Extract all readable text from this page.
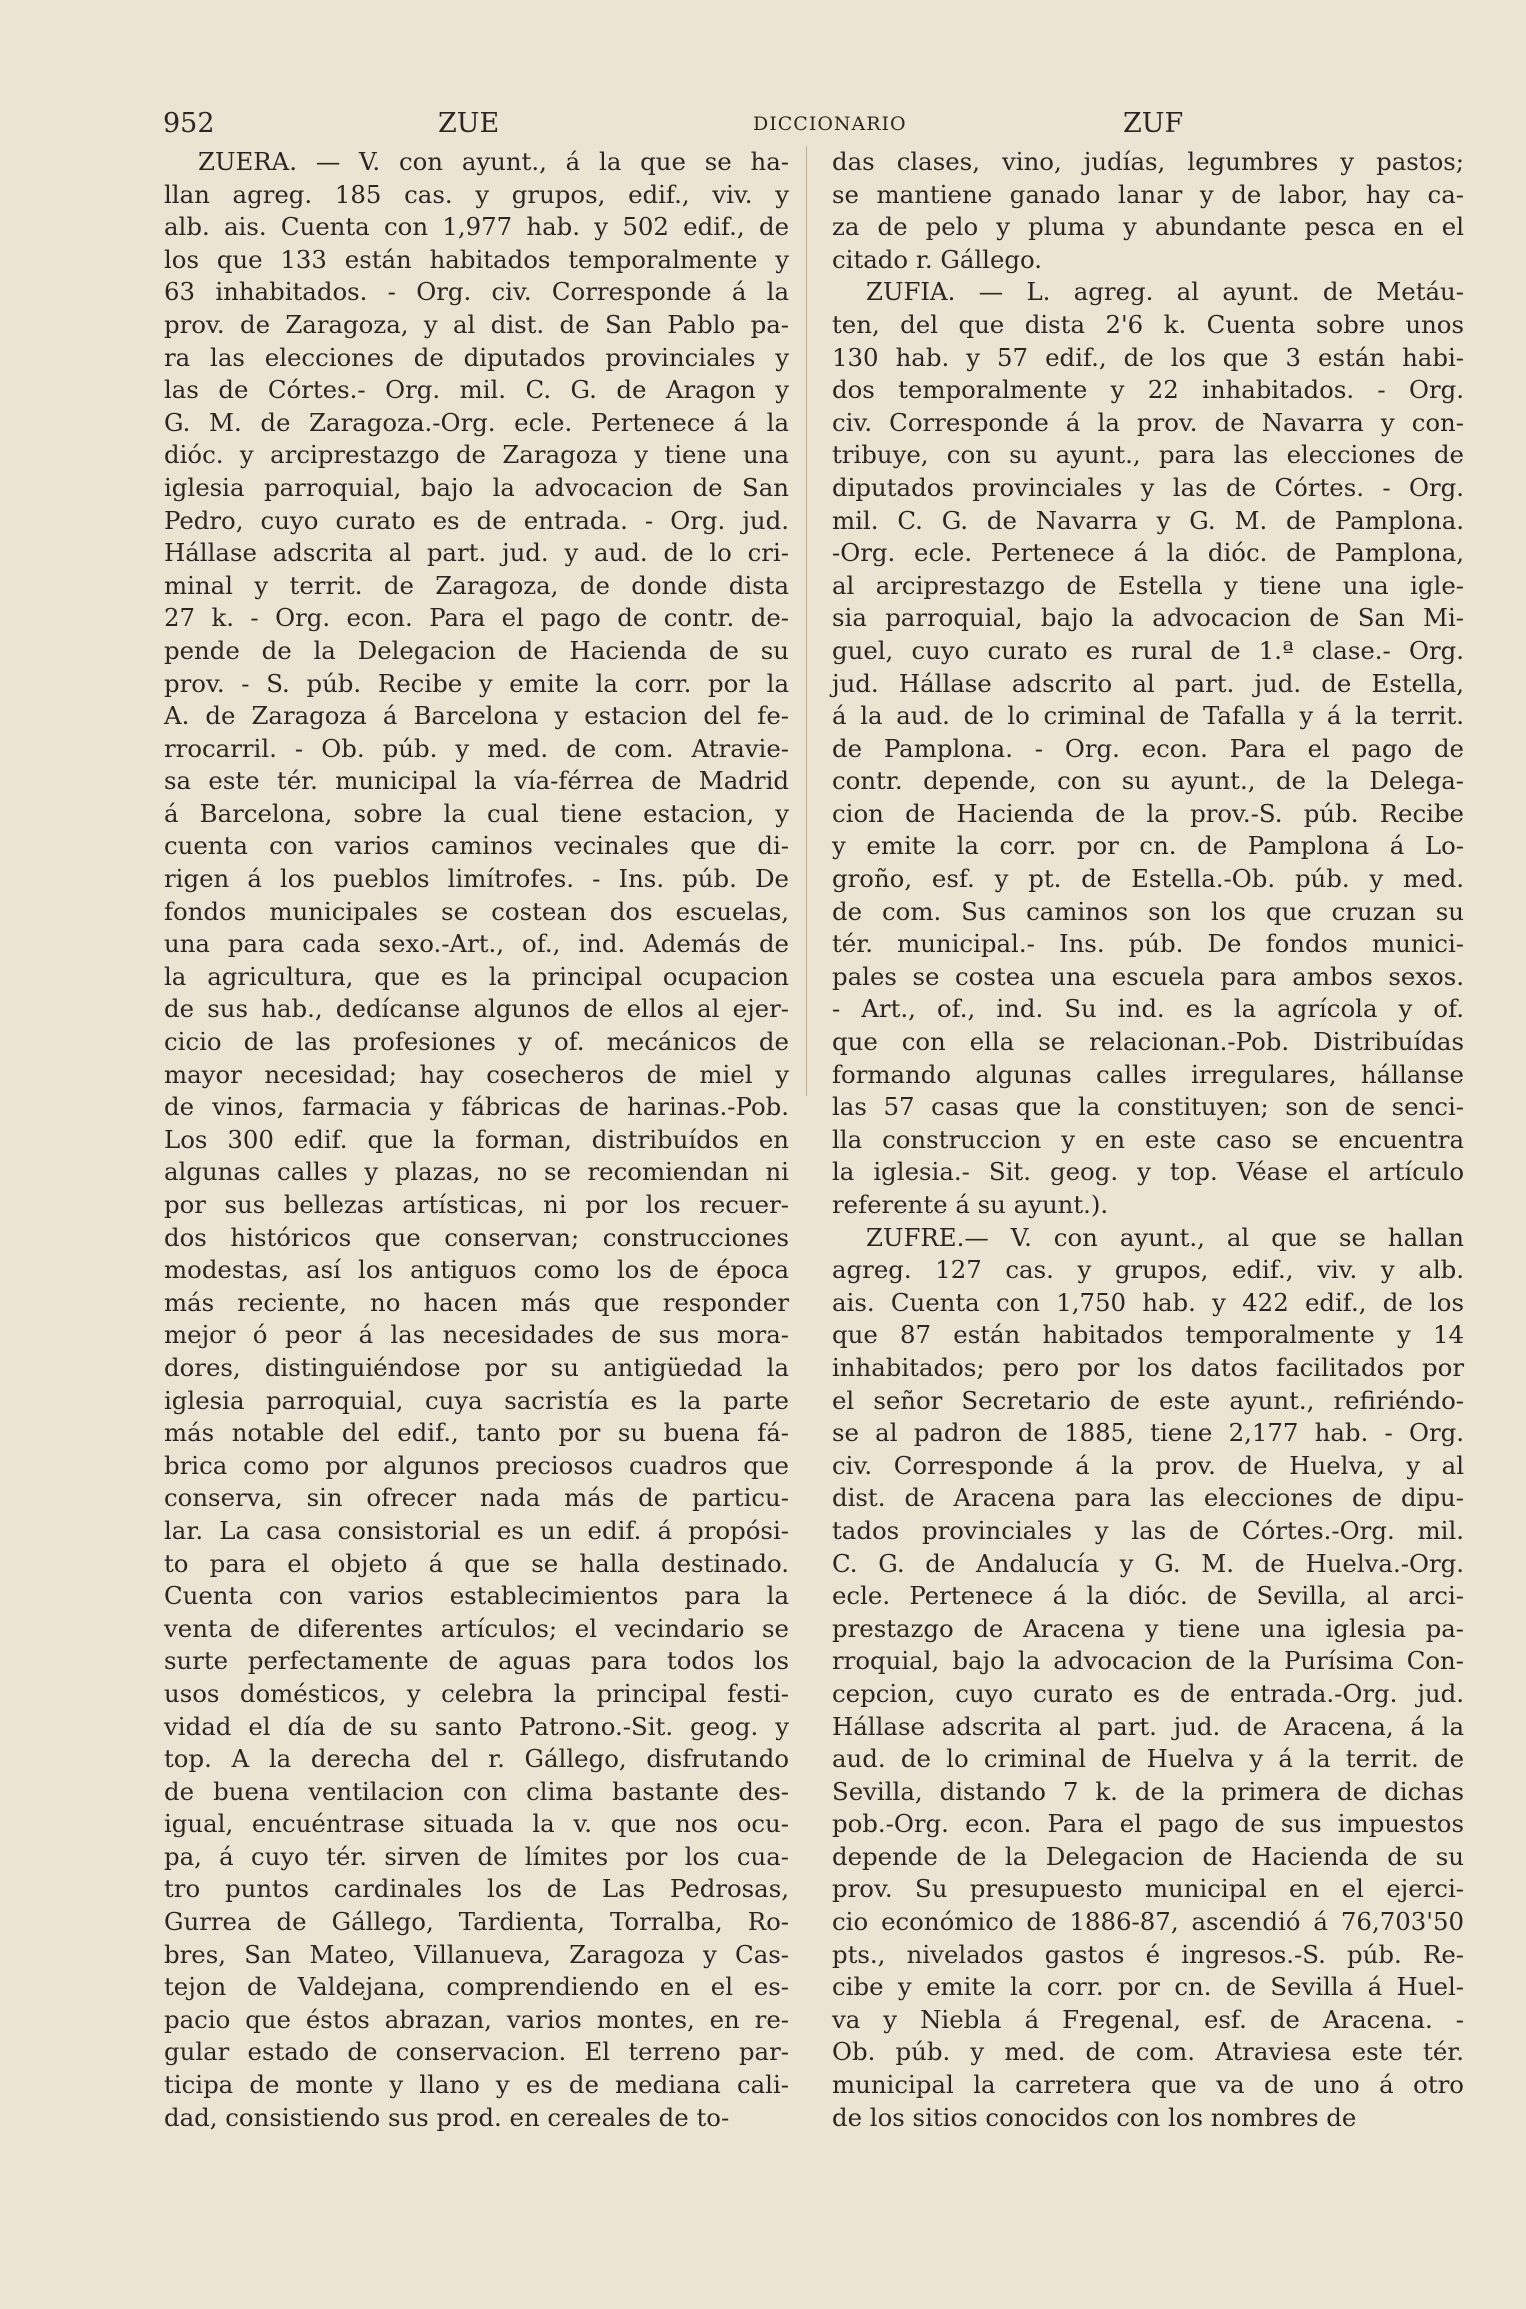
952	ZUE	DICCIONARIO	ZUF
ZUERA. — V. con ayunt., á la que se ha-
llan agreg. 185 cas. y grupos, edif., viv. y
alb. ais. Cuenta con 1,977 hab. y 502 edif., de
los que 133 están habitados temporalmente y
63 inhabitados. - Org. civ. Corresponde á la
prov. de Zaragoza, y al dist. de San Pablo pa-
ra las elecciones de diputados provinciales y
las de Córtes.- Org. mil. C. G. de Aragon y
G. M. de Zaragoza.-Org. ecle. Pertenece á la
dióc. y arciprestazgo de Zaragoza y tiene una
iglesia parroquial, bajo la advocacion de San
Pedro, cuyo curato es de entrada. - Org. jud.
Hállase adscrita al part. jud. y aud. de lo cri-
minal y territ. de Zaragoza, de donde dista
27 k. - Org. econ. Para el pago de contr. de-
pende de la Delegacion de Hacienda de su
prov. - S. púb. Recibe y emite la corr. por la
A. de Zaragoza á Barcelona y estacion del fe-
rrocarril. - Ob. púb. y med. de com. Atravie-
sa este tér. municipal la vía-férrea de Madrid
á Barcelona, sobre la cual tiene estacion, y
cuenta con varios caminos vecinales que di-
rigen á los pueblos limítrofes. - Ins. púb. De
fondos municipales se costean dos escuelas,
una para cada sexo.-Art., of., ind. Además de
la agricultura, que es la principal ocupacion
de sus hab., dedícanse algunos de ellos al ejer-
cicio de las profesiones y of. mecánicos de
mayor necesidad; hay cosecheros de miel y
de vinos, farmacia y fábricas de harinas.-Pob.
Los 300 edif. que la forman, distribuídos en
algunas calles y plazas, no se recomiendan ni
por sus bellezas artísticas, ni por los recuer-
dos históricos que conservan; construcciones
modestas, así los antiguos como los de época
más reciente, no hacen más que responder
mejor ó peor á las necesidades de sus mora-
dores, distinguiéndose por su antigüedad la
iglesia parroquial, cuya sacristía es la parte
más notable del edif., tanto por su buena fá-
brica como por algunos preciosos cuadros que
conserva, sin ofrecer nada más de particu-
lar. La casa consistorial es un edif. á propósi-
to para el objeto á que se halla destinado.
Cuenta con varios establecimientos para la
venta de diferentes artículos; el vecindario se
surte perfectamente de aguas para todos los
usos domésticos, y celebra la principal festi-
vidad el día de su santo Patrono.-Sit. geog. y
top. A la derecha del r. Gállego, disfrutando
de buena ventilacion con clima bastante des-
igual, encuéntrase situada la v. que nos ocu-
pa, á cuyo tér. sirven de límites por los cua-
tro puntos cardinales los de Las Pedrosas,
Gurrea de Gállego, Tardienta, Torralba, Ro-
bres, San Mateo, Villanueva, Zaragoza y Cas-
tejon de Valdejana, comprendiendo en el es-
pacio que éstos abrazan, varios montes, en re-
gular estado de conservacion. El terreno par-
ticipa de monte y llano y es de mediana cali-
dad, consistiendo sus prod. en cereales de to-
das clases, vino, judías, legumbres y pastos;
se mantiene ganado lanar y de labor, hay ca-
za de pelo y pluma y abundante pesca en el
citado r. Gállego.
ZUFIA. — L. agreg. al ayunt. de Metáu-
ten, del que dista 2'6 k. Cuenta sobre unos
130 hab. y 57 edif., de los que 3 están habi-
dos temporalmente y 22 inhabitados. - Org.
civ. Corresponde á la prov. de Navarra y con-
tribuye, con su ayunt., para las elecciones de
diputados provinciales y las de Córtes. - Org.
mil. C. G. de Navarra y G. M. de Pamplona.
-Org. ecle. Pertenece á la dióc. de Pamplona,
al arciprestazgo de Estella y tiene una igle-
sia parroquial, bajo la advocacion de San Mi-
guel, cuyo curato es rural de 1.ª clase.- Org.
jud. Hállase adscrito al part. jud. de Estella,
á la aud. de lo criminal de Tafalla y á la territ.
de Pamplona. - Org. econ. Para el pago de
contr. depende, con su ayunt., de la Delega-
cion de Hacienda de la prov.-S. púb. Recibe
y emite la corr. por cn. de Pamplona á Lo-
groño, esf. y pt. de Estella.-Ob. púb. y med.
de com. Sus caminos son los que cruzan su
tér. municipal.- Ins. púb. De fondos munici-
pales se costea una escuela para ambos sexos.
- Art., of., ind. Su ind. es la agrícola y of.
que con ella se relacionan.-Pob. Distribuídas
formando algunas calles irregulares, hállanse
las 57 casas que la constituyen; son de senci-
lla construccion y en este caso se encuentra
la iglesia.- Sit. geog. y top. Véase el artículo
referente á su ayunt.).
ZUFRE.— V. con ayunt., al que se hallan
agreg. 127 cas. y grupos, edif., viv. y alb.
ais. Cuenta con 1,750 hab. y 422 edif., de los
que 87 están habitados temporalmente y 14
inhabitados; pero por los datos facilitados por
el señor Secretario de este ayunt., refiriéndo-
se al padron de 1885, tiene 2,177 hab. - Org.
civ. Corresponde á la prov. de Huelva, y al
dist. de Aracena para las elecciones de dipu-
tados provinciales y las de Córtes.-Org. mil.
C. G. de Andalucía y G. M. de Huelva.-Org.
ecle. Pertenece á la dióc. de Sevilla, al arci-
prestazgo de Aracena y tiene una iglesia pa-
rroquial, bajo la advocacion de la Purísima Con-
cepcion, cuyo curato es de entrada.-Org. jud.
Hállase adscrita al part. jud. de Aracena, á la
aud. de lo criminal de Huelva y á la territ. de
Sevilla, distando 7 k. de la primera de dichas
pob.-Org. econ. Para el pago de sus impuestos
depende de la Delegacion de Hacienda de su
prov. Su presupuesto municipal en el ejerci-
cio económico de 1886-87, ascendió á 76,703'50
pts., nivelados gastos é ingresos.-S. púb. Re-
cibe y emite la corr. por cn. de Sevilla á Huel-
va y Niebla á Fregenal, esf. de Aracena. -
Ob. púb. y med. de com. Atraviesa este tér.
municipal la carretera que va de uno á otro
de los sitios conocidos con los nombres de
